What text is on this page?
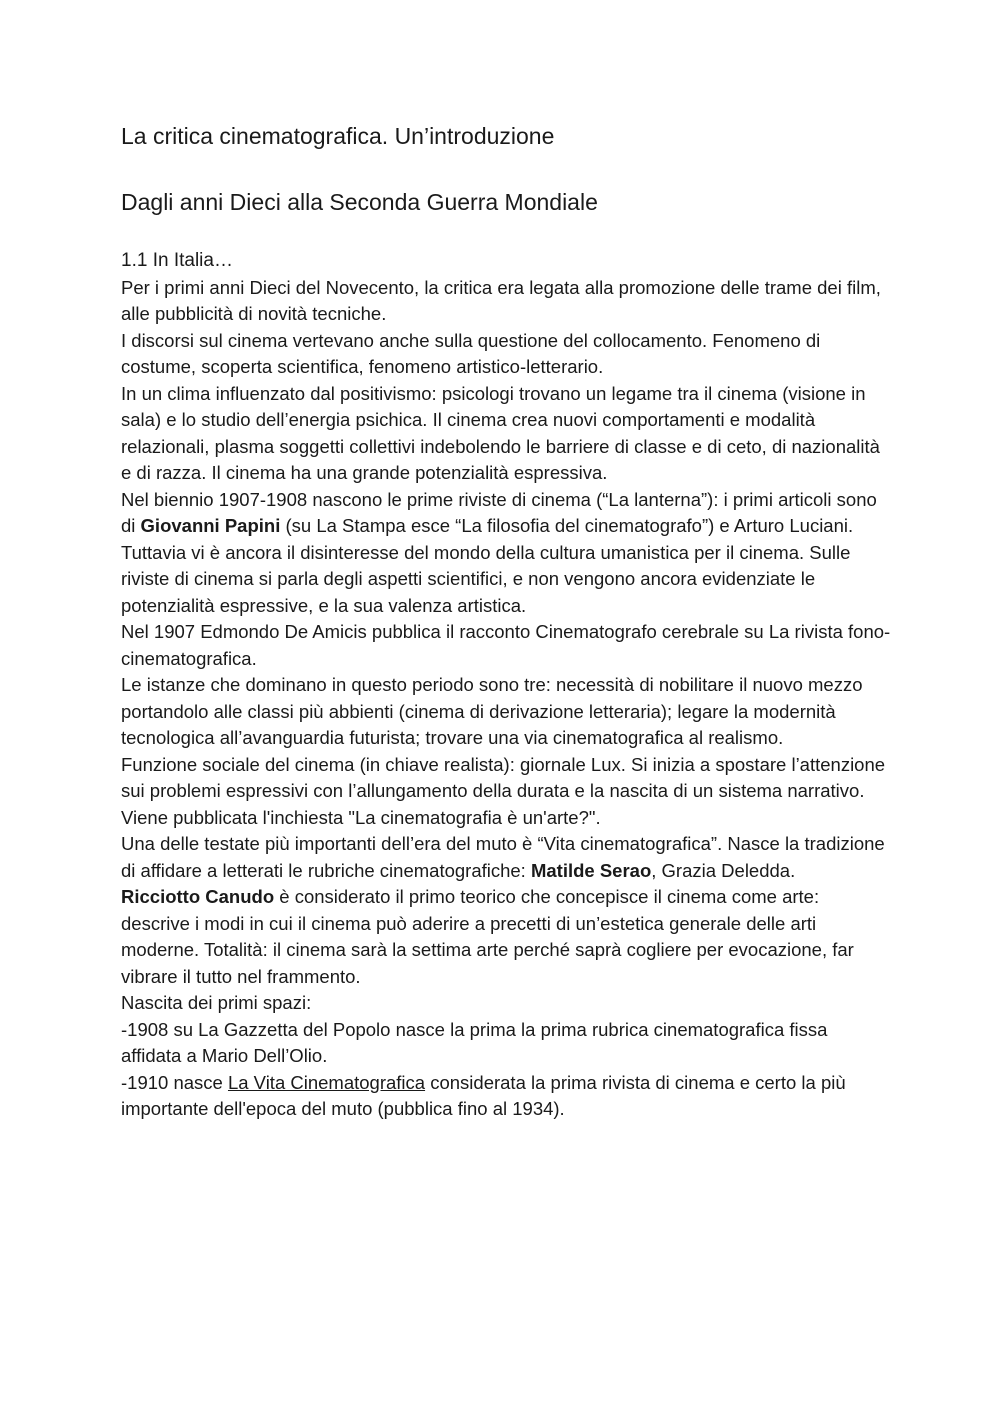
La critica cinematografica. Un’introduzione
Dagli anni Dieci alla Seconda Guerra Mondiale
1.1 In Italia…

Per i primi anni Dieci del Novecento, la critica era legata alla promozione delle trame dei film, alle pubblicità di novità tecniche.

I discorsi sul cinema vertevano anche sulla questione del collocamento. Fenomeno di costume, scoperta scientifica, fenomeno artistico-letterario.

In un clima influenzato dal positivismo: psicologi trovano un legame tra il cinema (visione in sala) e lo studio dell’energia psichica. Il cinema crea nuovi comportamenti e modalità relazionali, plasma soggetti collettivi indebolendo le barriere di classe e di ceto, di nazionalità e di razza. Il cinema ha una grande potenzialità espressiva.

Nel biennio 1907-1908 nascono le prime riviste di cinema (“La lanterna”): i primi articoli sono di Giovanni Papini (su La Stampa esce “La filosofia del cinematografo”) e Arturo Luciani. Tuttavia vi è ancora il disinteresse del mondo della cultura umanistica per il cinema. Sulle riviste di cinema si parla degli aspetti scientifici, e non vengono ancora evidenziate le potenzialità espressive, e la sua valenza artistica.

Nel 1907 Edmondo De Amicis pubblica il racconto Cinematografo cerebrale su La rivista fono-cinematografica.

Le istanze che dominano in questo periodo sono tre: necessità di nobilitare il nuovo mezzo portandolo alle classi più abbienti (cinema di derivazione letteraria); legare la modernità tecnologica all’avanguardia futurista; trovare una via cinematografica al realismo.

Funzione sociale del cinema (in chiave realista): giornale Lux. Si inizia a spostare l’attenzione sui problemi espressivi con l’allungamento della durata e la nascita di un sistema narrativo. Viene pubblicata l'inchiesta "La cinematografia è un'arte?".

Una delle testate più importanti dell’era del muto è “Vita cinematografica”. Nasce la tradizione di affidare a letterati le rubriche cinematografiche: Matilde Serao, Grazia Deledda.

Ricciotto Canudo è considerato il primo teorico che concepisce il cinema come arte: descrive i modi in cui il cinema può aderire a precetti di un’estetica generale delle arti moderne. Totalità: il cinema sarà la settima arte perché saprà cogliere per evocazione, far vibrare il tutto nel frammento.

Nascita dei primi spazi:

-1908 su La Gazzetta del Popolo nasce la prima la prima rubrica cinematografica fissa affidata a Mario Dell’Olio.

-1910 nasce La Vita Cinematografica considerata la prima rivista di cinema e certo la più importante dell'epoca del muto (pubblica fino al 1934).
